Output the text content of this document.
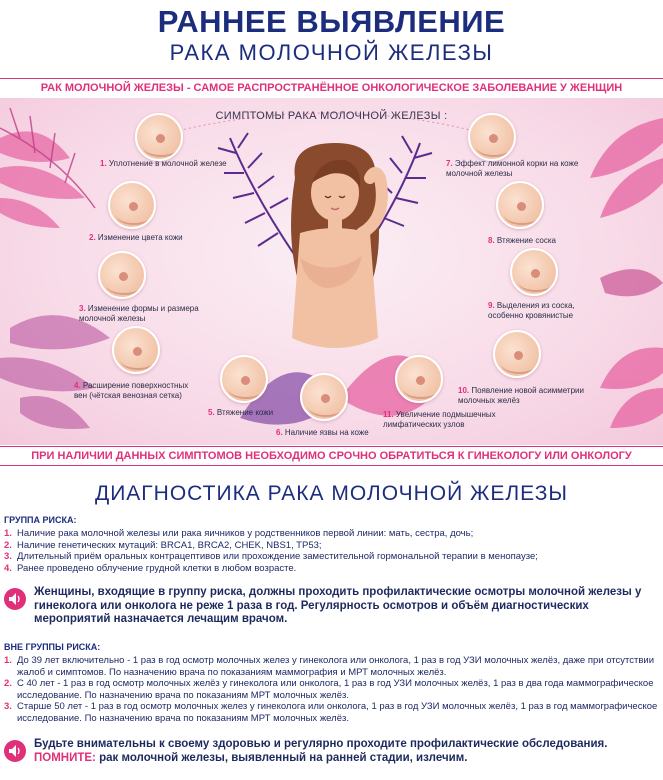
РАННЕЕ ВЫЯВЛЕНИЕ
РАКА МОЛОЧНОЙ ЖЕЛЕЗЫ
РАК МОЛОЧНОЙ ЖЕЛЕЗЫ - САМОЕ РАСПРОСТРАНЁННОЕ ОНКОЛОГИЧЕСКОЕ ЗАБОЛЕВАНИЕ У ЖЕНЩИН
СИМПТОМЫ РАКА МОЛОЧНОЙ ЖЕЛЕЗЫ :
1. Уплотнение в молочной железе
2. Изменение цвета кожи
3. Изменение формы и размера молочной железы
4. Расширение поверхностных вен (чётская венозная сетка)
5. Втяжение кожи
6. Наличие язвы на коже
7. Эффект лимонной корки на коже молочной железы
8. Втяжение соска
9. Выделения из соска, особенно кровянистые
10. Появление новой асимметрии молочных желёз
11. Увеличение подмышечных лимфатических узлов
ПРИ НАЛИЧИИ ДАННЫХ СИМПТОМОВ НЕОБХОДИМО СРОЧНО ОБРАТИТЬСЯ К ГИНЕКОЛОГУ ИЛИ ОНКОЛОГУ
ДИАГНОСТИКА РАКА МОЛОЧНОЙ ЖЕЛЕЗЫ
ГРУППА РИСКА:
1. Наличие рака молочной железы или рака яичников у родственников первой линии: мать, сестра, дочь;
2. Наличие генетических мутаций: BRCA1, BRCA2, CHEK, NBS1, TP53;
3. Длительный приём оральных контрацептивов или прохождение заместительной гормональной терапии в менопаузе;
4. Ранее проведено облучение грудной клетки в любом возрасте.
Женщины, входящие в группу риска, должны проходить профилактические осмотры молочной железы у гинеколога или онколога не реже 1 раза в год. Регулярность осмотров и объём диагностических мероприятий назначается лечащим врачом.
ВНЕ ГРУППЫ РИСКА:
1. До 39 лет включительно - 1 раз в год осмотр молочных желез у гинеколога или онколога, 1 раз в год УЗИ молочных желёз, даже при отсутствии жалоб и симптомов. По назначению врача по показаниям маммография и МРТ молочных желёз.
2. С 40 лет - 1 раз в год осмотр молочных желёз у гинеколога или онколога, 1 раз в год УЗИ молочных желёз, 1 раз в два года маммографическое исследование. По назначению врача по показаниям МРТ молочных желёз.
3. Старше 50 лет - 1 раз в год осмотр молочных желез у гинеколога или онколога, 1 раз в год УЗИ молочных желёз, 1 раз в год маммографическое исследование. По назначению врача по показаниям МРТ молочных желёз.
Будьте внимательны к своему здоровью и регулярно проходите профилактические обследования.
ПОМНИТЕ: рак молочной железы, выявленный на ранней стадии, излечим.
